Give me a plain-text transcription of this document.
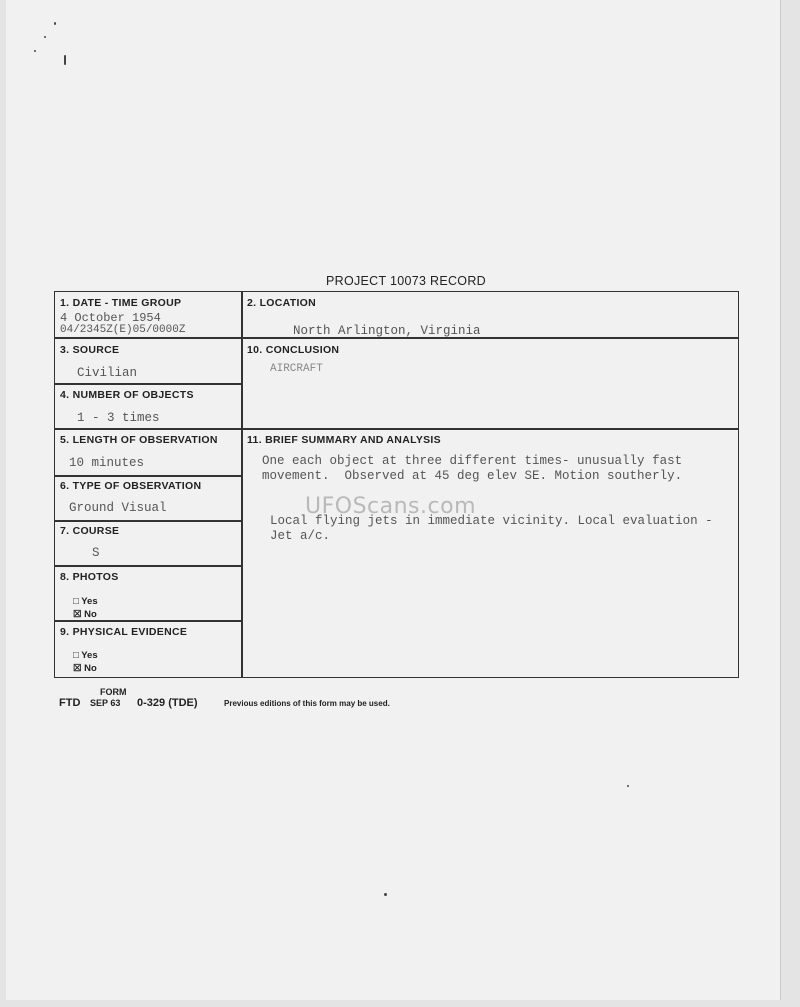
PROJECT 10073 RECORD
1. DATE - TIME GROUP
4 October 1954
04/2345Z(E)05/0000Z
2. LOCATION
North Arlington, Virginia
3. SOURCE
Civilian
10. CONCLUSION
AIRCRAFT
4. NUMBER OF OBJECTS
1 - 3 times
5. LENGTH OF OBSERVATION
10 minutes
11. BRIEF SUMMARY AND ANALYSIS
One each object at three different times- unusually fast
movement.  Observed at 45 deg elev SE. Motion southerly.
Local flying jets in immediate vicinity. Local evaluation -
Jet a/c.
6. TYPE OF OBSERVATION
Ground Visual
7. COURSE
S
8. PHOTOS
□ Yes
☒ No
9. PHYSICAL EVIDENCE
□ Yes
☒ No
UFOScans.com
FORM
FTD SEP 63 0-329 (TDE)	Previous editions of this form may be used.
